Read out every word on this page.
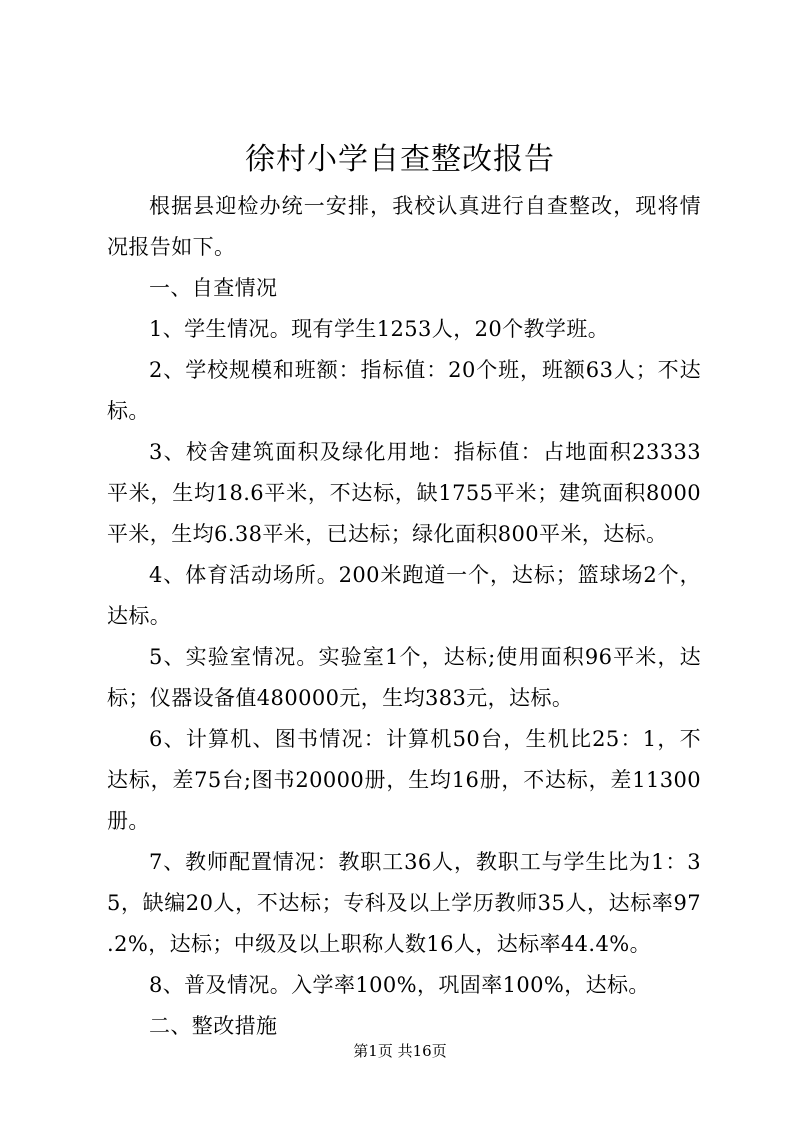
徐村小学自查整改报告

根据县迎检办统一安排，我校认真进行自查整改，现将情况报告如下。

一、自查情况

1、学生情况。现有学生1253人，20个教学班。

2、学校规模和班额：指标值：20个班，班额63人；不达标。

3、校舍建筑面积及绿化用地：指标值：占地面积23333平米，生均18.6平米，不达标，缺1755平米；建筑面积8000平米，生均6.38平米，已达标；绿化面积800平米，达标。

4、体育活动场所。200米跑道一个，达标；篮球场2个，达标。

5、实验室情况。实验室1个，达标;使用面积96平米，达标；仪器设备值480000元，生均383元，达标。

6、计算机、图书情况：计算机50台，生机比25：1，不达标，差75台;图书20000册，生均16册，不达标，差11300册。

7、教师配置情况：教职工36人，教职工与学生比为1：35，缺编20人，不达标；专科及以上学历教师35人，达标率97.2%，达标；中级及以上职称人数16人，达标率44.4%。

8、普及情况。入学率100%，巩固率100%，达标。

二、整改措施

第1页 共16页
